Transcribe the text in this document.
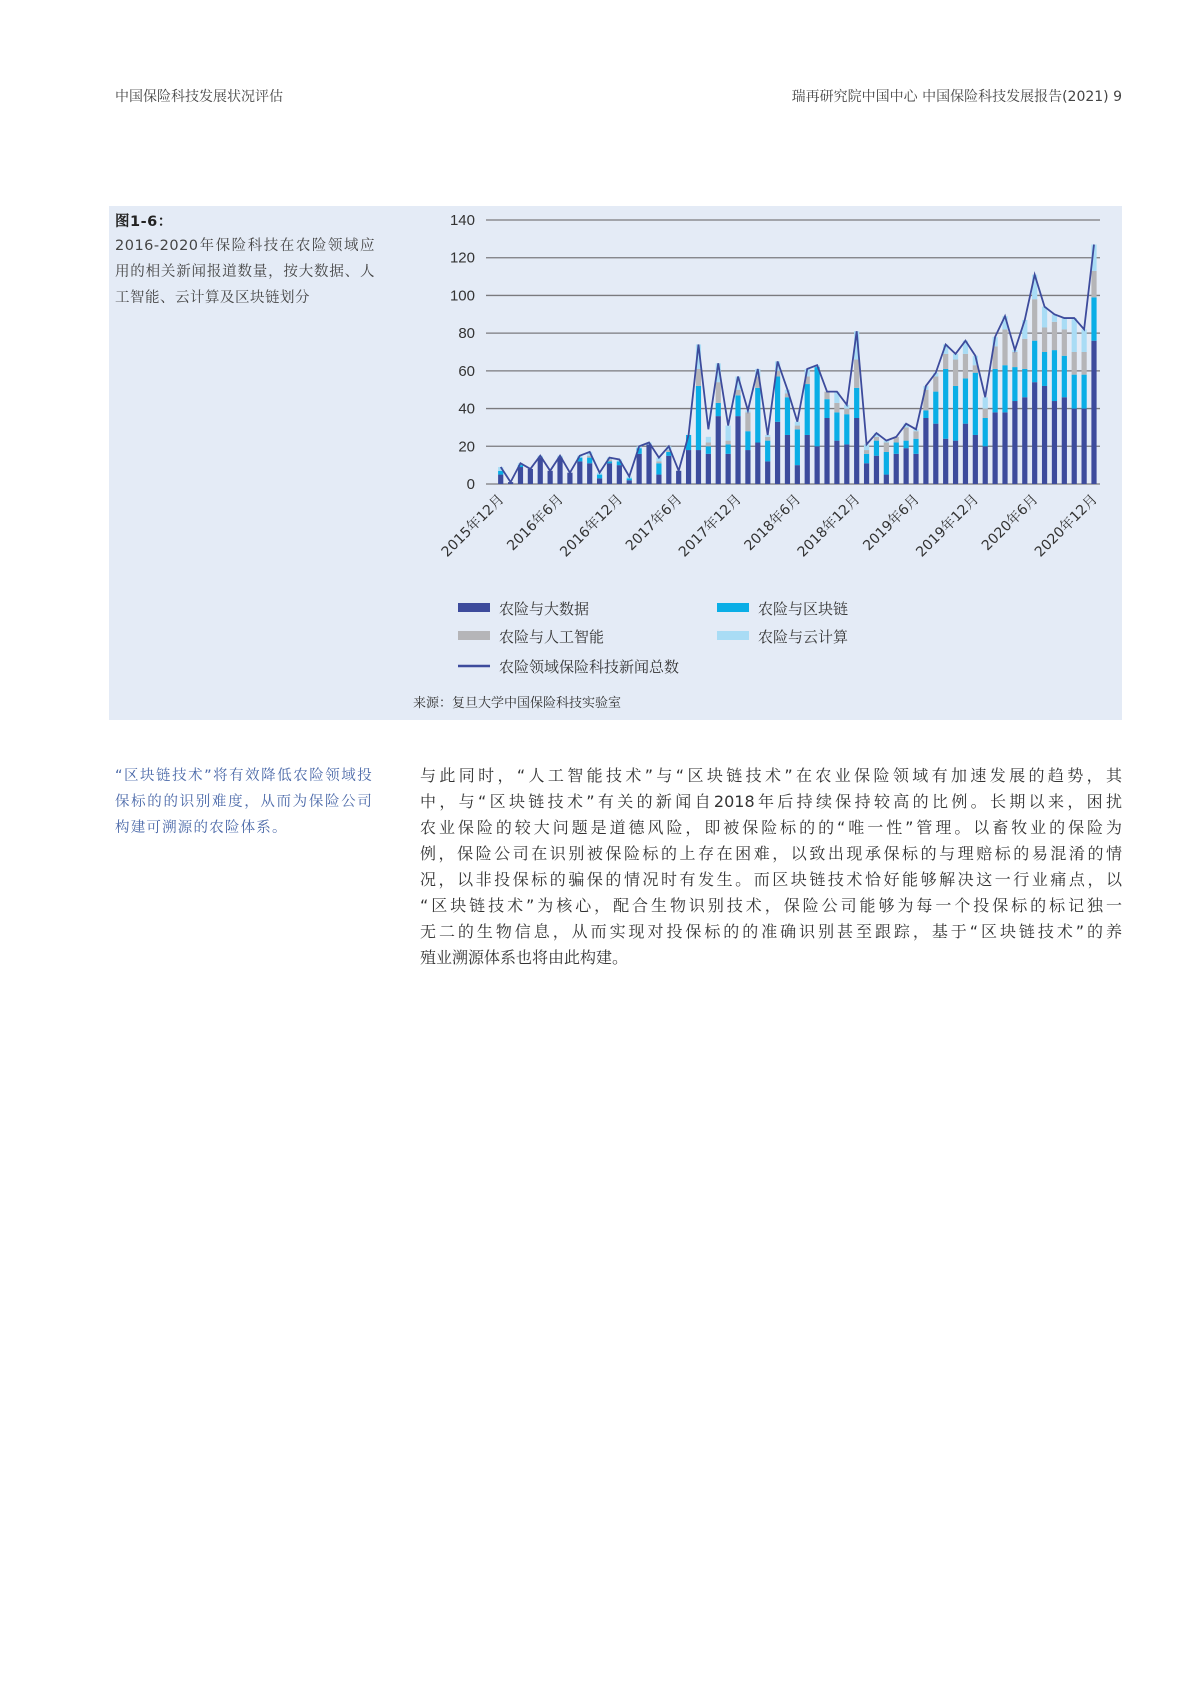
中国保险科技发展状况评估	瑞再研究院中国中心 中国保险科技发展报告(2021) 9
图1-6：
2016-2020年保险科技在农险领域应用的相关新闻报道数量，按大数据、人工智能、云计算及区块链划分
0
20
40
60
80
100
120
140
2015年12月
2016年6月
2016年12月
2017年6月
2017年12月
2018年6月
2018年12月
2019年6月
2019年12月
2020年6月
2020年12月
农险与大数据	农险与区块链
农险与人工智能	农险与云计算
农险领域保险科技新闻总数
来源：复旦大学中国保险科技实验室
“区块链技术”将有效降低农险领域投保标的的识别难度，从而为保险公司构建可溯源的农险体系。
与此同时，“人工智能技术”与“区块链技术”在农业保险领域有加速发展的趋势，其
中，与“区块链技术”有关的新闻自2018年后持续保持较高的比例。长期以来，困扰
农业保险的较大问题是道德风险，即被保险标的的“唯一性”管理。以畜牧业的保险为
例，保险公司在识别被保险标的上存在困难，以致出现承保标的与理赔标的易混淆的情
况，以非投保标的骗保的情况时有发生。而区块链技术恰好能够解决这一行业痛点，以
“区块链技术”为核心，配合生物识别技术，保险公司能够为每一个投保标的标记独一
无二的生物信息，从而实现对投保标的的准确识别甚至跟踪，基于“区块链技术”的养
殖业溯源体系也将由此构建。
